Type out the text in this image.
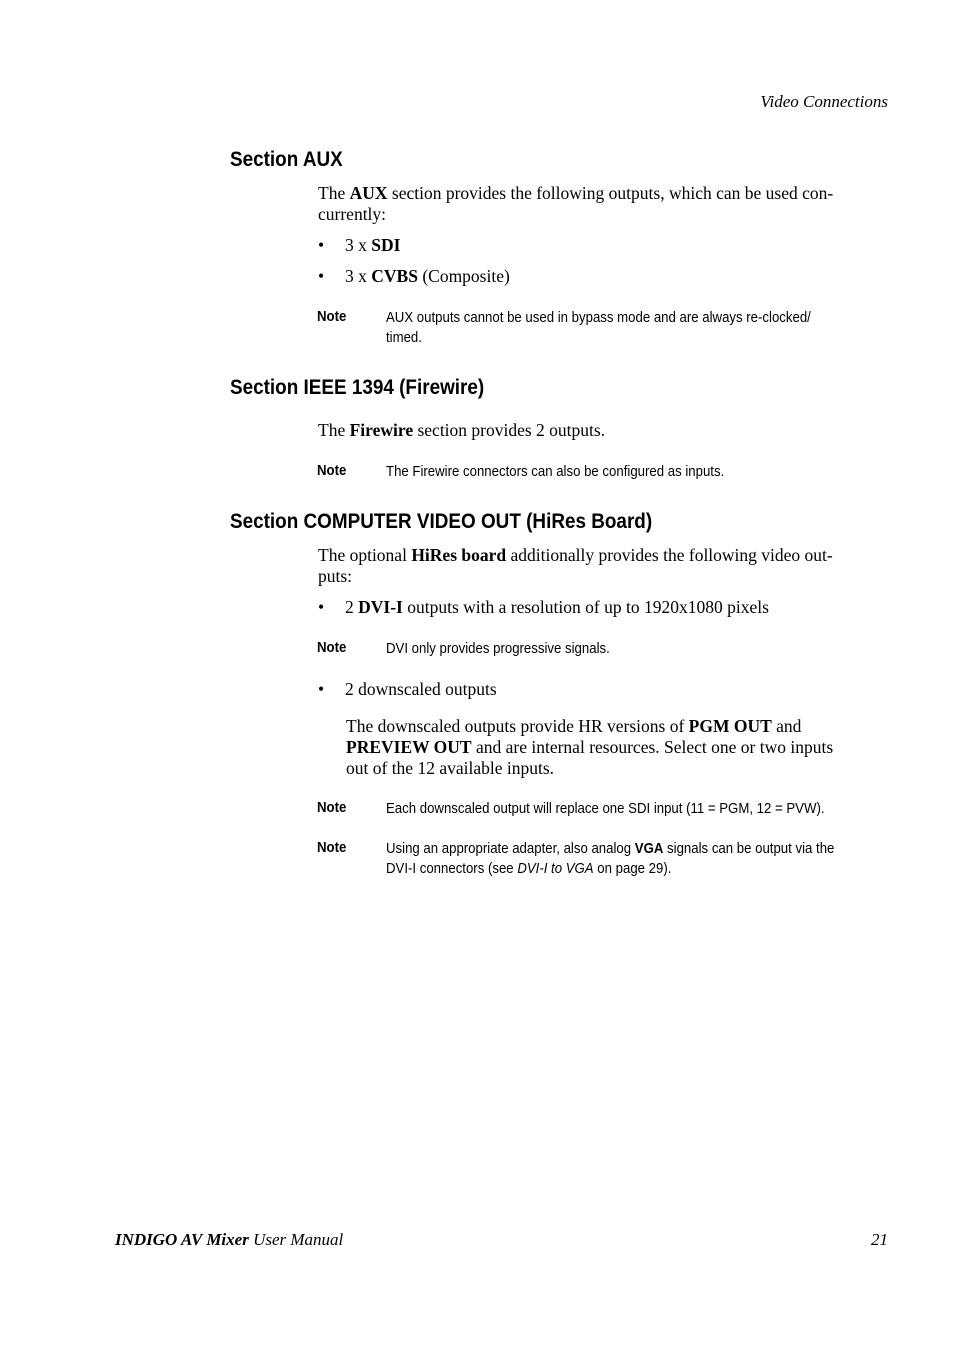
Video Connections
Section AUX
The AUX section provides the following outputs, which can be used con-
currently:
• 3 x SDI
• 3 x CVBS (Composite)
Note	AUX outputs cannot be used in bypass mode and are always re-clocked/
timed.
Section IEEE 1394 (Firewire)
The Firewire section provides 2 outputs.
Note	The Firewire connectors can also be configured as inputs.
Section COMPUTER VIDEO OUT (HiRes Board)
The optional HiRes board additionally provides the following video out-
puts:
• 2 DVI-I outputs with a resolution of up to 1920x1080 pixels
Note	DVI only provides progressive signals.
• 2 downscaled outputs
The downscaled outputs provide HR versions of PGM OUT and
PREVIEW OUT and are internal resources. Select one or two inputs
out of the 12 available inputs.
Note	Each downscaled output will replace one SDI input (11 = PGM, 12 = PVW).
Note	Using an appropriate adapter, also analog VGA signals can be output via the
DVI-I connectors (see DVI-I to VGA on page 29).
INDIGO AV Mixer User Manual	21
